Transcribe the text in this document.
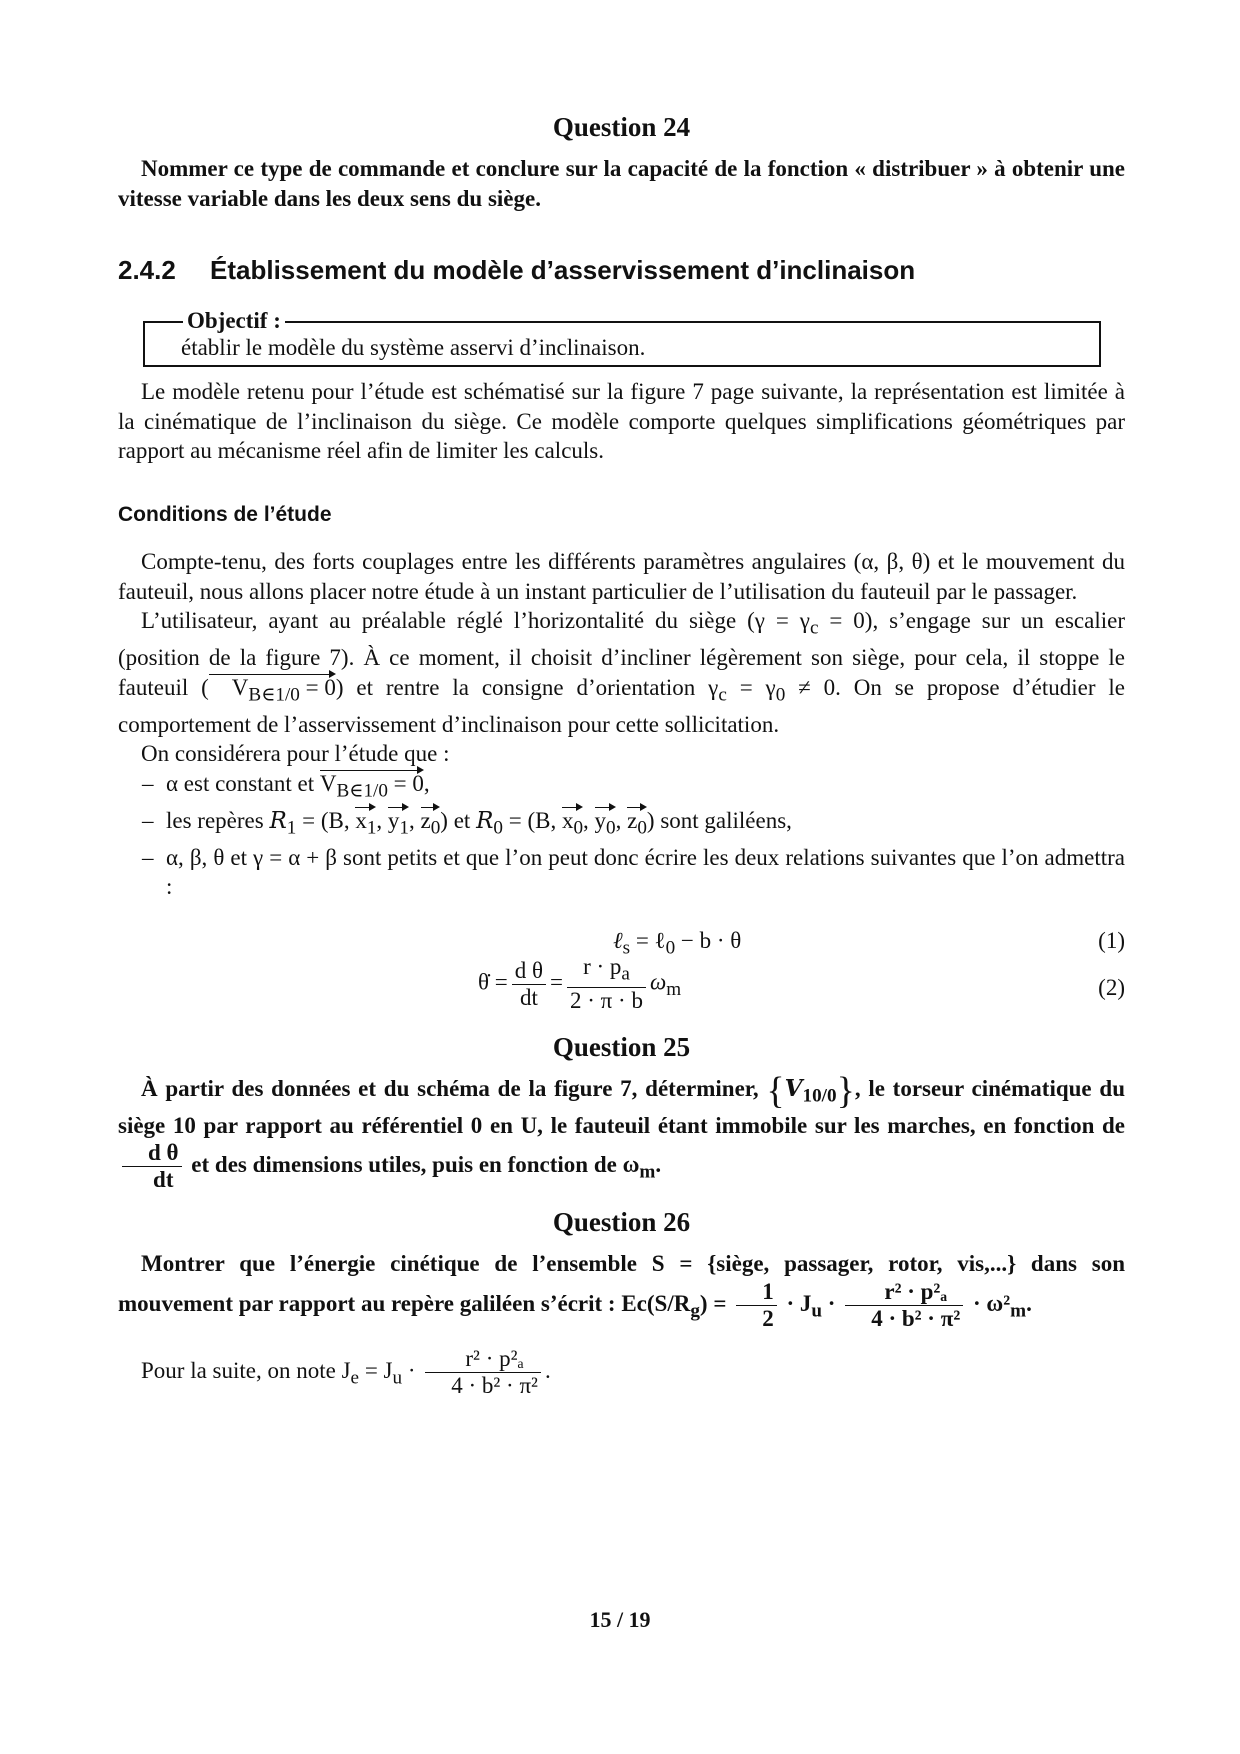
Question 24

Nommer ce type de commande et conclure sur la capacité de la fonction « distribuer » à obtenir une vitesse variable dans les deux sens du siège.

2.4.2 Établissement du modèle d’asservissement d’inclinaison
Objectif :
établir le modèle du système asservi d’inclinaison.

Le modèle retenu pour l’étude est schématisé sur la figure 7 page suivante, la représentation est limitée à la cinématique de l’inclinaison du siège. Ce modèle comporte quelques simplifications géométriques par rapport au mécanisme réel afin de limiter les calculs.

Conditions de l’étude

Compte-tenu, des forts couplages entre les différents paramètres angulaires (α, β, θ) et le mouvement du fauteuil, nous allons placer notre étude à un instant particulier de l’utilisation du fauteuil par le passager.

L’utilisateur, ayant au préalable réglé l’horizontalité du siège $(\gamma = \gamma_c = 0)$, s’engage sur un escalier (position de la figure 7). À ce moment, il choisit d’incliner légèrement son siège, pour cela, il stoppe le fauteuil ( $V_{B\in 1/0} = 0$) et rentre la consigne d’orientation $\gamma_c = \gamma_0 \ne 0$. On se propose d’étudier le comportement de l’asservissement d’inclinaison pour cette sollicitation.

On considérera pour l’étude que :

– α est constant et $V_{B\in 1/0} = 0$,
– les repères $R_1 = (B$, $x_1$, $y_1$, $z_0$) et $R_0 = (B$, $x_0$, $y_0$, $z_0$) sont galiléens,
– α, β, θ et γ = α + β sont petits et que l’on peut donc écrire les deux relations suivantes que l’on admettra :
ℓ$_s$ = ℓ$_0$ − b · θ	(1)
θ̇ = $\frac{\text{d θ}}{dt} = \frac{r \cdot p_a}{2 \cdot \pi \cdot b} \omega_m$	(2)
Question 25

À partir des données et du schéma de la figure 7, déterminer, $\{V_{10/0}\}$, le torseur cinématique du siège 10 par rapport au référentiel 0 en U, le fauteuil étant immobile sur les marches, en fonction de
$\frac{\text{d θ}}{dt}$ et des dimensions utiles, puis en fonction de $\omega_m$.

Question 26

Montrer que l’énergie cinétique de l’ensemble S = {siège, passager, rotor, vis,...} dans son mouvement par rapport au repère galiléen s’écrit : $Ec(S/R_g) = \frac{1}{2} \cdot J_u \cdot \frac{\text{r² · p²ₐ}}{\text{4 · b² · π²}} \cdot \omega^2_m$.

Pour la suite, on note $J_e = J_u \cdot \frac{\text{r² · p²ₐ}}{\text{4 · b² · π²}}$ .

15 / 19
